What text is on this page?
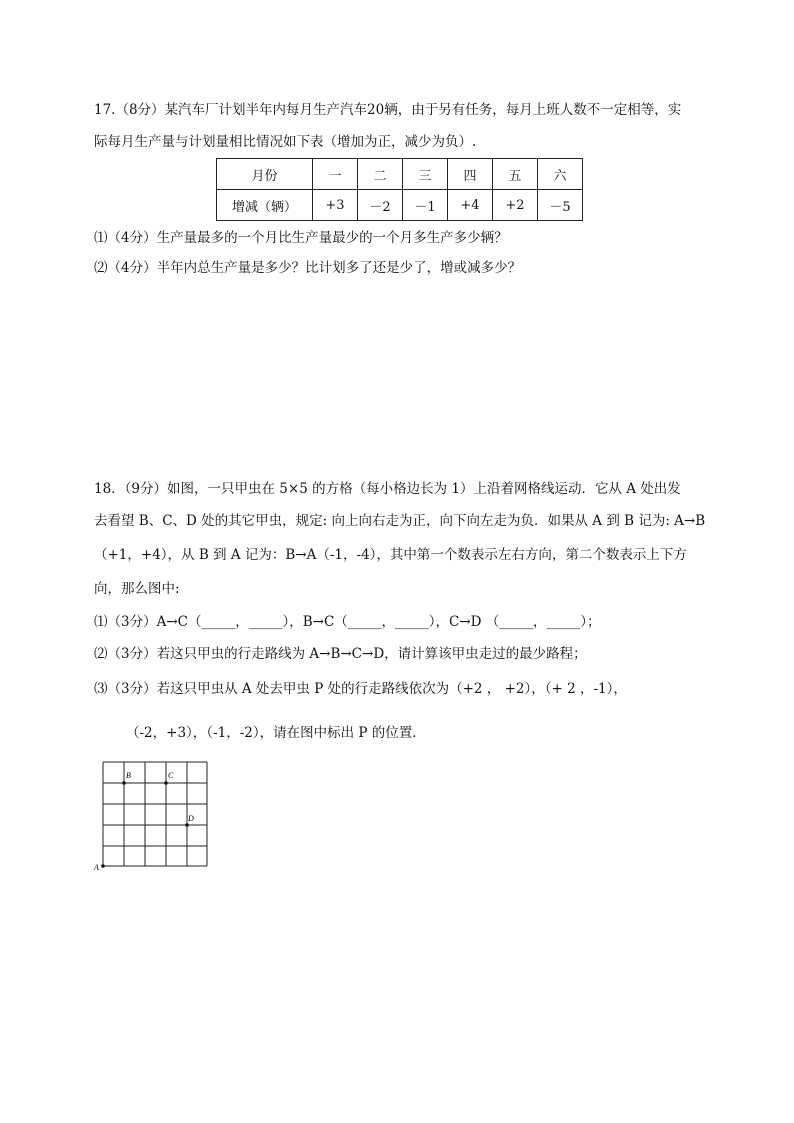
17.（8分）某汽车厂计划半年内每月生产汽车20辆，由于另有任务，每月上班人数不一定相等，实
际每月生产量与计划量相比情况如下表（增加为正，减少为负）.
月份	一	二	三	四	五	六
增减（辆）	+3	－2	－1	+4	+2	－5
⑴（4分）生产量最多的一个月比生产量最少的一个月多生产多少辆？
⑵（4分）半年内总生产量是多少？比计划多了还是少了，增或减多少？
18．（9分）如图，一只甲虫在 5×5 的方格（每小格边长为 1）上沿着网格线运动．它从 A 处出发
去看望 B、C、D 处的其它甲虫，规定: 向上向右走为正，向下向左走为负．如果从 A 到 B 记为: A→B
（+1，+4），从 B 到 A 记为：B→A（-1，-4），其中第一个数表示左右方向，第二个数表示上下方
向，那么图中:
⑴（3分）A→C（_____，_____），B→C（_____，_____），C→D （_____，_____）；
⑵（3分）若这只甲虫的行走路线为 A→B→C→D，请计算该甲虫走过的最少路程；
⑶（3分）若这只甲虫从 A 处去甲虫 P 处的行走路线依次为（+2 ， +2），（+ 2 ，-1），
（-2，+3），（-1，-2），请在图中标出 P 的位置．
A
B	C
D
